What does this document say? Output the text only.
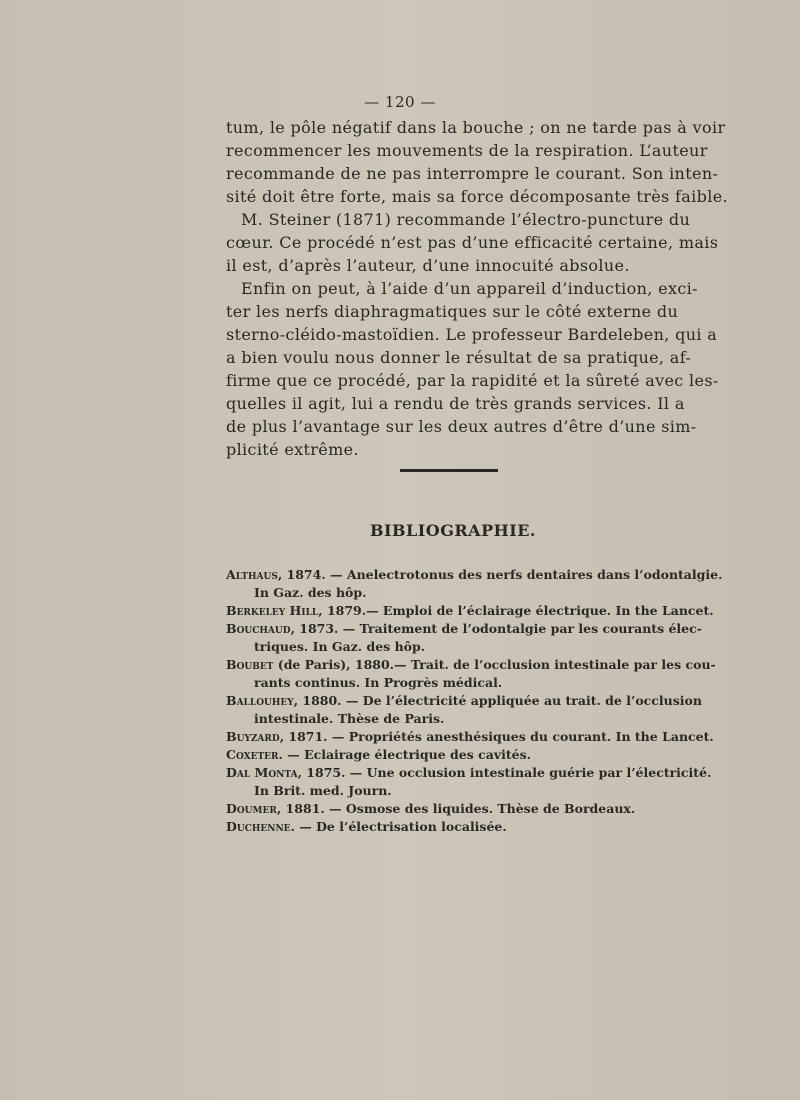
— 120 —
tum, le pôle négatif dans la bouche ; on ne tarde pas à voir
recommencer les mouvements de la respiration. L’auteur
recommande de ne pas interrompre le courant. Son inten-
sité doit être forte, mais sa force décomposante très faible.
M. Steiner (1871) recommande l’électro-puncture du
cœur. Ce procédé n’est pas d’une efficacité certaine, mais
il est, d’après l’auteur, d’une innocuité absolue.
Enfin on peut, à l’aide d’un appareil d’induction, exci-
ter les nerfs diaphragmatiques sur le côté externe du
sterno-cléido-mastoïdien. Le professeur Bardeleben, qui a
a bien voulu nous donner le résultat de sa pratique, af-
firme que ce procédé, par la rapidité et la sûreté avec les-
quelles il agit, lui a rendu de très grands services. Il a
de plus l’avantage sur les deux autres d’être d’une sim-
plicité extrême.
BIBLIOGRAPHIE.
Althaus, 1874. — Anelectrotonus des nerfs dentaires dans l’odontalgie.
In Gaz. des hôp.
Berkeley Hill, 1879.— Emploi de l’éclairage électrique. In the Lancet.
Bouchaud, 1873. — Traitement de l’odontalgie par les courants élec-
triques. In Gaz. des hôp.
Boubet (de Paris), 1880.— Trait. de l’occlusion intestinale par les cou-
rants continus. In Progrès médical.
Ballouhey, 1880. — De l’électricité appliquée au trait. de l’occlusion
intestinale. Thèse de Paris.
Buyzard, 1871. — Propriétés anesthésiques du courant. In the Lancet.
Coxeter. — Eclairage électrique des cavités.
Dal Monta, 1875. — Une occlusion intestinale guérie par l’électricité.
In Brit. med. Journ.
Doumer, 1881. — Osmose des liquides. Thèse de Bordeaux.
Duchenne. — De l’électrisation localisée.
